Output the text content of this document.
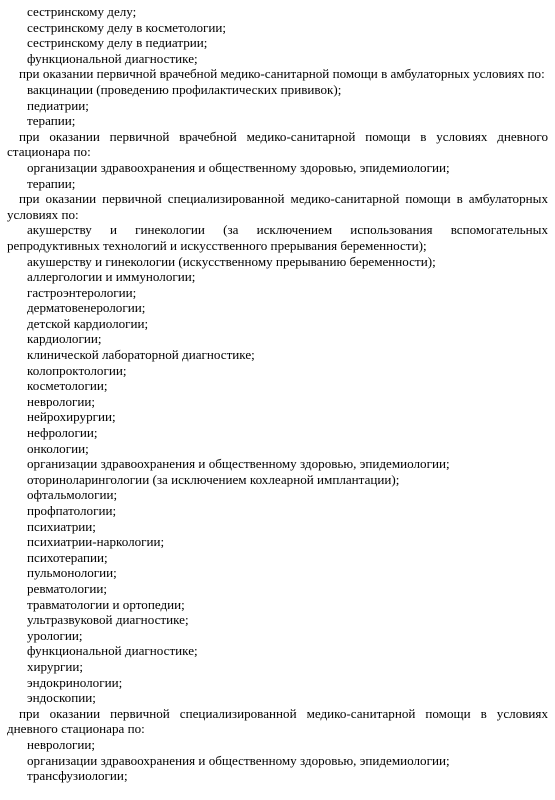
сестринскому делу;
сестринскому делу в косметологии;
сестринскому делу в педиатрии;
функциональной диагностике;

при оказании первичной врачебной медико-санитарной помощи в амбулаторных условиях по:

вакцинации (проведению профилактических прививок);
педиатрии;
терапии;

при оказании первичной врачебной медико-санитарной помощи в условиях дневного стационара по:

организации здравоохранения и общественному здоровью, эпидемиологии;
терапии;

при оказании первичной специализированной медико-санитарной помощи в амбулаторных условиях по:

акушерству и гинекологии (за исключением использования вспомогательных репродуктивных технологий и искусственного прерывания беременности);

акушерству и гинекологии (искусственному прерыванию беременности);
аллергологии и иммунологии;
гастроэнтерологии;
дерматовенерологии;
детской кардиологии;
кардиологии;
клинической лабораторной диагностике;
колопроктологии;
косметологии;
неврологии;
нейрохирургии;
нефрологии;
онкологии;
организации здравоохранения и общественному здоровью, эпидемиологии;
оториноларингологии (за исключением кохлеарной имплантации);
офтальмологии;
профпатологии;
психиатрии;
психиатрии-наркологии;
психотерапии;
пульмонологии;
ревматологии;
травматологии и ортопедии;
ультразвуковой диагностике;
урологии;
функциональной диагностике;
хирургии;
эндокринологии;
эндоскопии;

при оказании первичной специализированной медико-санитарной помощи в условиях дневного стационара по:

неврологии;
организации здравоохранения и общественному здоровью, эпидемиологии;
трансфузиологии;
